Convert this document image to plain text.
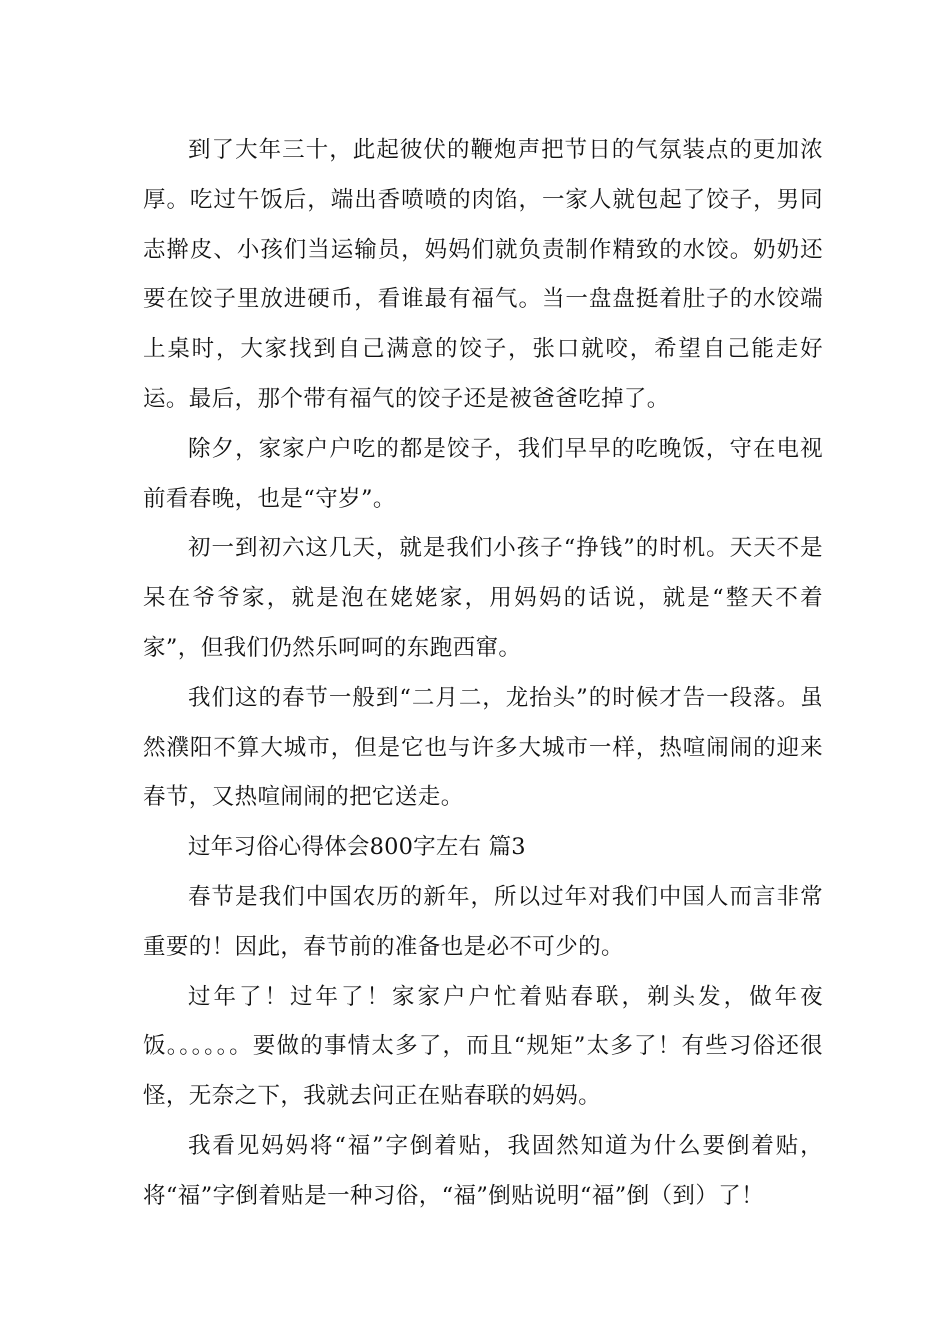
到了大年三十，此起彼伏的鞭炮声把节日的气氛装点的更加浓厚。吃过午饭后，端出香喷喷的肉馅，一家人就包起了饺子，男同志擀皮、小孩们当运输员，妈妈们就负责制作精致的水饺。奶奶还要在饺子里放进硬币，看谁最有福气。当一盘盘挺着肚子的水饺端上桌时，大家找到自己满意的饺子，张口就咬，希望自己能走好运。最后，那个带有福气的饺子还是被爸爸吃掉了。

除夕，家家户户吃的都是饺子，我们早早的吃晚饭，守在电视前看春晚，也是“守岁”。

初一到初六这几天，就是我们小孩子“挣钱”的时机。天天不是呆在爷爷家，就是泡在姥姥家，用妈妈的话说，就是“整天不着家”，但我们仍然乐呵呵的东跑西窜。

我们这的春节一般到“二月二，龙抬头”的时候才告一段落。虽然濮阳不算大城市，但是它也与许多大城市一样，热喧闹闹的迎来春节，又热喧闹闹的把它送走。

过年习俗心得体会800字左右 篇3

春节是我们中国农历的新年，所以过年对我们中国人而言非常重要的！因此，春节前的准备也是必不可少的。

过年了！过年了！家家户户忙着贴春联，剃头发，做年夜饭。。。。。。要做的事情太多了，而且“规矩”太多了！有些习俗还很怪，无奈之下，我就去问正在贴春联的妈妈。

我看见妈妈将“福”字倒着贴，我固然知道为什么要倒着贴，将“福”字倒着贴是一种习俗，“福”倒贴说明“福”倒（到）了！
